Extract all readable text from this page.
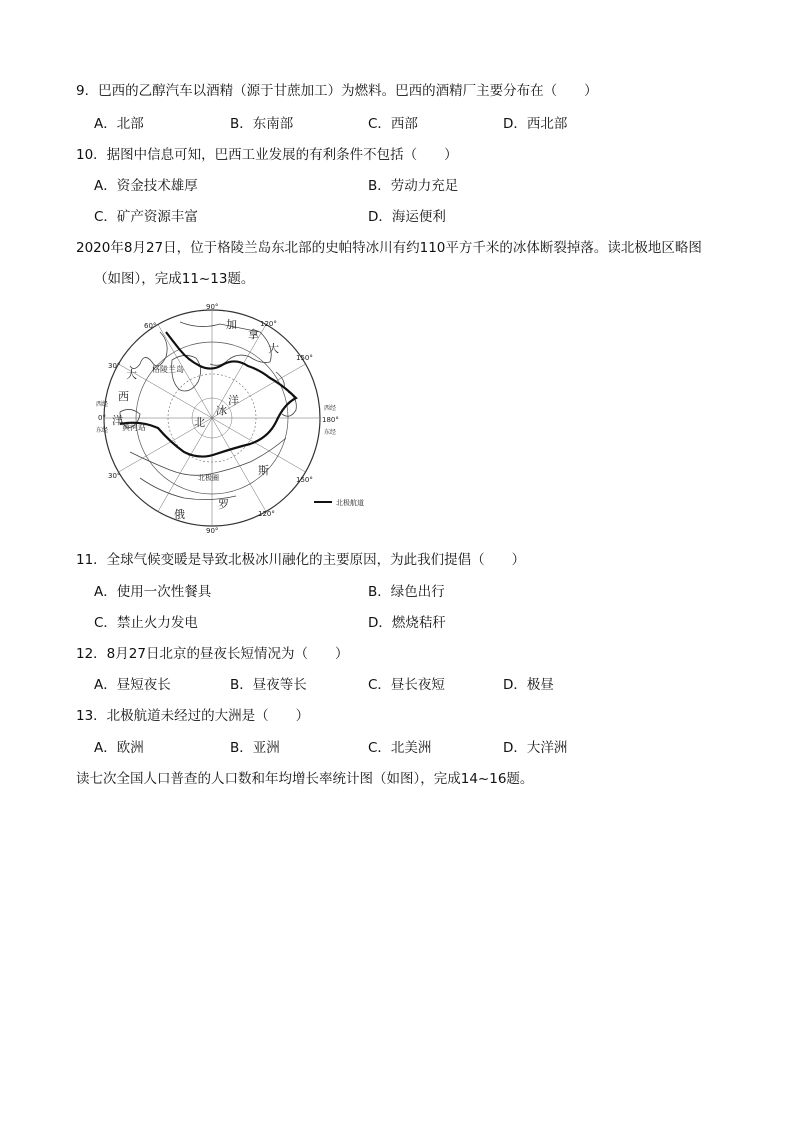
9．巴西的乙醇汽车以酒精（源于甘蔗加工）为燃料。巴西的酒精厂主要分布在（　　）
A．北部	B．东南部	C．西部	D．西北部
10．据图中信息可知，巴西工业发展的有利条件不包括（　　）
A．资金技术雄厚	B．劳动力充足
C．矿产资源丰富	D．海运便利
2020年8月27日，位于格陵兰岛东北部的史帕特冰川有约110平方千米的冰体断裂掉落。读北极地区略图
（如图），完成11~13题。
90°
120°
150°
180°
150°
120°
90°
60°
30°
30°
西经
0°
东经
西经
东经
加
拿
大
格陵兰岛
大
西
洋
黄河站	北
冰
洋
北极圈
俄
罗
斯
北极航道
11．全球气候变暖是导致北极冰川融化的主要原因，为此我们提倡（　　）
A．使用一次性餐具	B．绿色出行
C．禁止火力发电	D．燃烧秸秆
12．8月27日北京的昼夜长短情况为（　　）
A．昼短夜长	B．昼夜等长	C．昼长夜短	D．极昼
13．北极航道未经过的大洲是（　　）
A．欧洲	B．亚洲	C．北美洲	D．大洋洲
读七次全国人口普查的人口数和年均增长率统计图（如图），完成14~16题。
